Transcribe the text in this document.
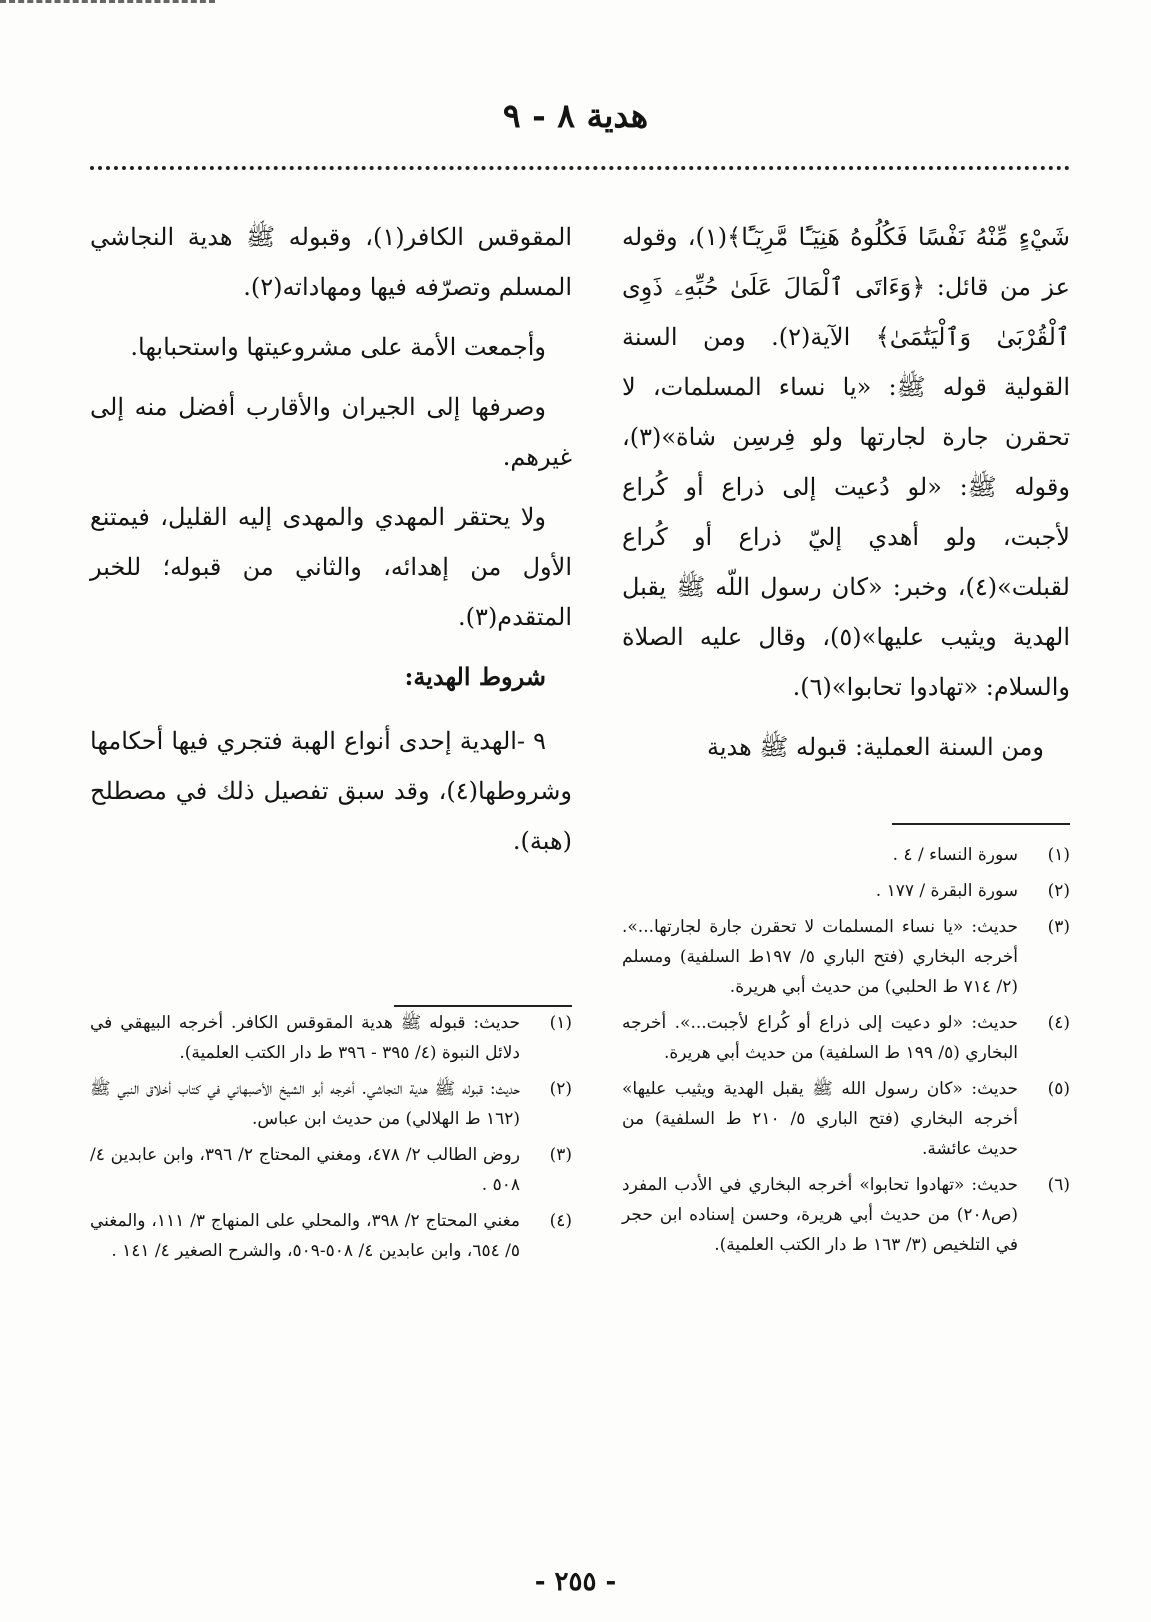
هدية ٨ - ٩

شَيْءٍ مِّنْهُ نَفْسًا فَكُلُوهُ هَنِيٓـًٔا مَّرِيٓـًٔا﴾(١)، وقوله عز من قائل: ﴿وَءَاتَى ٱلْمَالَ عَلَىٰ حُبِّهِۦ ذَوِى ٱلْقُرْبَىٰ وَٱلْيَتَٰمَىٰ﴾ الآية(٢). ومن السنة القولية قوله ﷺ: «يا نساء المسلمات، لا تحقرن جارة لجارتها ولو فِرسِن شاة»(٣)، وقوله ﷺ: «لو دُعيت إلى ذراع أو كُراع لأجبت، ولو أهدي إليّ ذراع أو كُراع لقبلت»(٤)، وخبر: «كان رسول اللّه ﷺ يقبل الهدية ويثيب عليها»(٥)، وقال عليه الصلاة والسلام: «تهادوا تحابوا»(٦).

ومن السنة العملية: قبوله ﷺ هدية

المقوقس الكافر(١)، وقبوله ﷺ هدية النجاشي المسلم وتصرّفه فيها ومهاداته(٢).

وأجمعت الأمة على مشروعيتها واستحبابها.

وصرفها إلى الجيران والأقارب أفضل منه إلى غيرهم.

ولا يحتقر المهدي والمهدى إليه القليل، فيمتنع الأول من إهدائه، والثاني من قبوله؛ للخبر المتقدم(٣).

شروط الهدية:

٩ -الهدية إحدى أنواع الهبة فتجري فيها أحكامها وشروطها(٤)، وقد سبق تفصيل ذلك في مصطلح (هبة).	(١)
سورة النساء / ٤ .
(٢)
سورة البقرة / ١٧٧ .
(٣)
حديث: «يا نساء المسلمات لا تحقرن جارة لجارتها...». أخرجه البخاري (فتح الباري ٥/ ١٩٧ط السلفية) ومسلم (٢/ ٧١٤ ط الحلبي) من حديث أبي هريرة.
(٤)
حديث: «لو دعيت إلى ذراع أو كُراع لأجبت...». أخرجه البخاري (٥/ ١٩٩ ط السلفية) من حديث أبي هريرة.
(٥)
حديث: «كان رسول الله ﷺ يقبل الهدية ويثيب عليها» أخرجه البخاري (فتح الباري ٥/ ٢١٠ ط السلفية) من حديث عائشة.
(٦)
حديث: «تهادوا تحابوا» أخرجه البخاري في الأدب المفرد (ص٢٠٨) من حديث أبي هريرة، وحسن إسناده ابن حجر في التلخيص (٣/ ١٦٣ ط دار الكتب العلمية).
(١)
حديث: قبوله ﷺ هدية المقوقس الكافر. أخرجه البيهقي في دلائل النبوة (٤/ ٣٩٥ - ٣٩٦ ط دار الكتب العلمية).
(٢)
حديث: قبوله ﷺ هدية النجاشي. أخرجه أبو الشيخ الأصبهاني في كتاب أخلاق النبي ﷺ (١٦٢ ط الهلالي) من حديث ابن عباس.
(٣)
روض الطالب ٢/ ٤٧٨، ومغني المحتاج ٢/ ٣٩٦، وابن عابدين ٤/ ٥٠٨ .
(٤)
مغني المحتاج ٢/ ٣٩٨، والمحلي على المنهاج ٣/ ١١١، والمغني ٥/ ٦٥٤، وابن عابدين ٤/ ٥٠٨-٥٠٩، والشرح الصغير ٤/ ١٤١ .
- ٢٥٥ -
